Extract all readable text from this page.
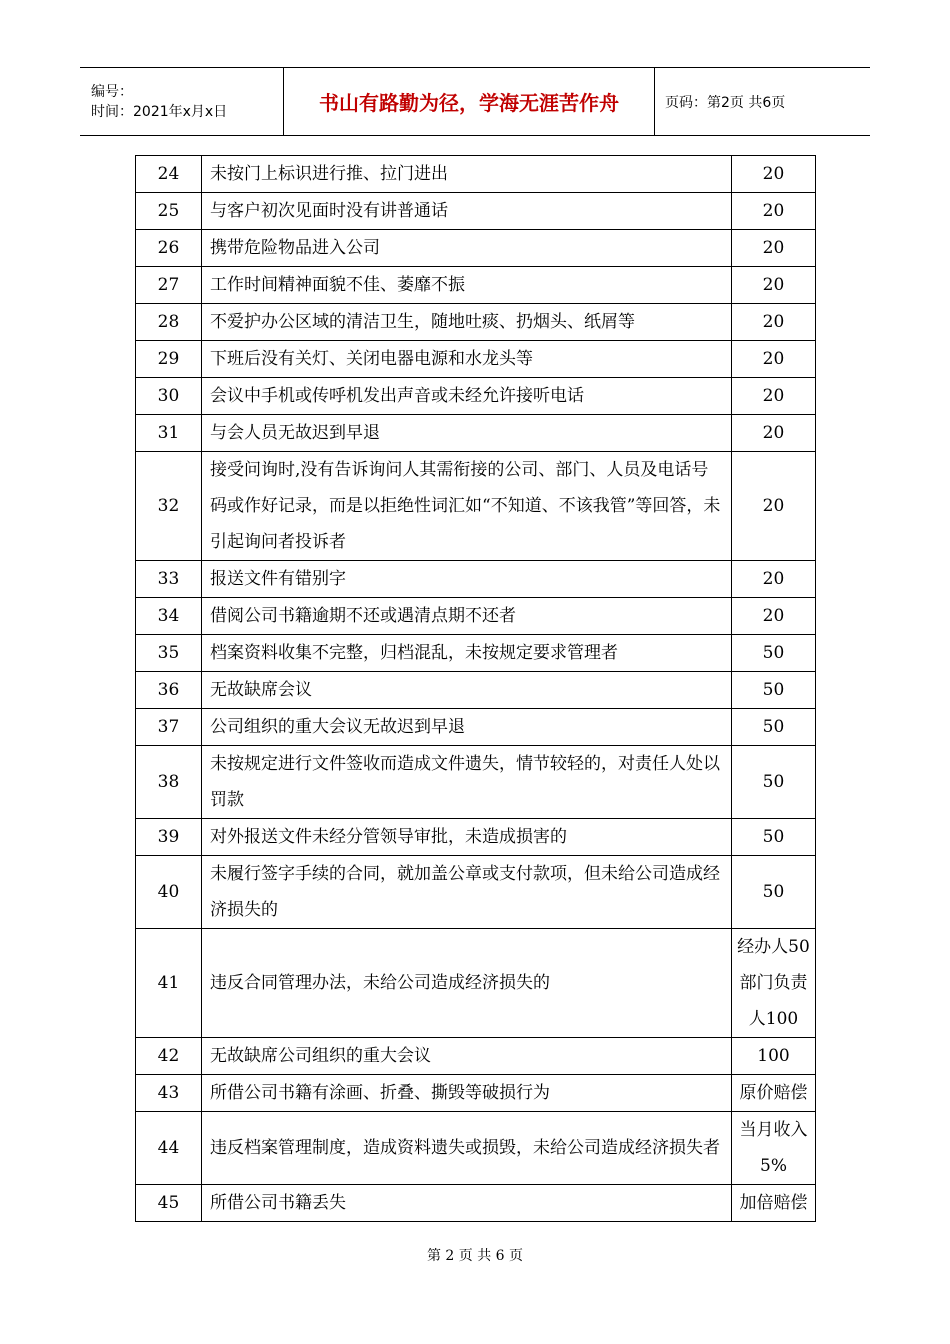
编号：
时间：2021年x月x日	书山有路勤为径，学海无涯苦作舟	页码：第2页 共6页
24	未按门上标识进行推、拉门进出	20
25	与客户初次见面时没有讲普通话	20
26	携带危险物品进入公司	20
27	工作时间精神面貌不佳、萎靡不振	20
28	不爱护办公区域的清洁卫生，随地吐痰、扔烟头、纸屑等	20
29	下班后没有关灯、关闭电器电源和水龙头等	20
30	会议中手机或传呼机发出声音或未经允许接听电话	20
31	与会人员无故迟到早退	20
32	接受问询时,没有告诉询问人其需衔接的公司、部门、人员及电话号码或作好记录，而是以拒绝性词汇如“不知道、不该我管”等回答，未引起询问者投诉者	20
33	报送文件有错别字	20
34	借阅公司书籍逾期不还或遇清点期不还者	20
35	档案资料收集不完整，归档混乱，未按规定要求管理者	50
36	无故缺席会议	50
37	公司组织的重大会议无故迟到早退	50
38	未按规定进行文件签收而造成文件遗失，情节较轻的，对责任人处以罚款	50
39	对外报送文件未经分管领导审批，未造成损害的	50
40	未履行签字手续的合同，就加盖公章或支付款项，但未给公司造成经济损失的	50
41	违反合同管理办法，未给公司造成经济损失的	经办人50部门负责人100
42	无故缺席公司组织的重大会议	100
43	所借公司书籍有涂画、折叠、撕毁等破损行为	原价赔偿
44	违反档案管理制度，造成资料遗失或损毁，未给公司造成经济损失者	当月收入5%
45	所借公司书籍丢失	加倍赔偿
第 2 页 共 6 页
